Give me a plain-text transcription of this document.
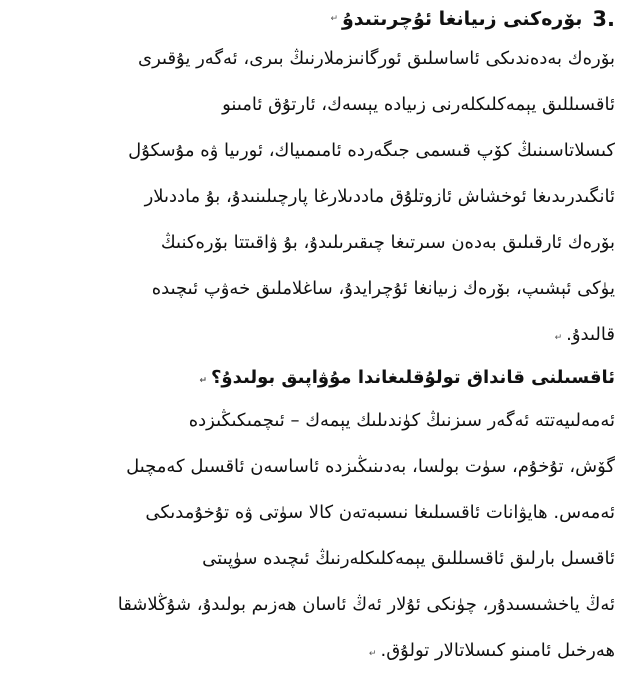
3.
بۆرەكنى زىيانغا ئۇچرىتىدۇ
↵
بۆرەك بەدەندىكى ئاساسلىق ئورگانىزملارنىڭ بىرى، ئەگەر يۇقىرى
ئاقسىللىق يېمەكلىكلەرنى زىيادە يېسەك، ئارتۇق ئامىنو
كىسلاتاسىنىڭ كۆپ قىسمى جىگەردە ئامىمىياك، ئورىيا ۋە مۇسكۇل
ئانگىدرىدىغا ئوخشاش ئازوتلۇق ماددىلارغا پارچىلىنىدۇ، بۇ ماددىلار
بۆرەك ئارقىلىق بەدەن سىرتىغا چىقىرىلىدۇ، بۇ ۋاقىتتا بۆرەكنىڭ
يۈكى ئېشىپ، بۆرەك زىيانغا ئۇچرايدۇ، ساغلاملىق خەۋپ ئىچىدە
قالىدۇ.↵
ئاقسىلنى قانداق تولۇقلىغاندا مۇۋاپىق بولىدۇ؟↵
ئەمەلىيەتتە ئەگەر سىزنىڭ كۈندىلىك يېمەك – ئىچمىكىڭىزدە
گۆش، تۇخۇم، سۈت بولسا، بەدىنىڭىزدە ئاساسەن ئاقسىل كەمچىل
ئەمەس. ھايۋانات ئاقسىلىغا نىسبەتەن كالا سۈتى ۋە تۇخۇمدىكى
ئاقسىل بارلىق ئاقسىللىق يېمەكلىكلەرنىڭ ئىچىدە سۈپىتى
ئەڭ ياخشىسىدۇر، چۈنكى ئۇلار ئەڭ ئاسان ھەزىم بولىدۇ، شۇڭلاشقا
ھەرخىل ئامىنو كىسلاتالار تولۇق.↵
